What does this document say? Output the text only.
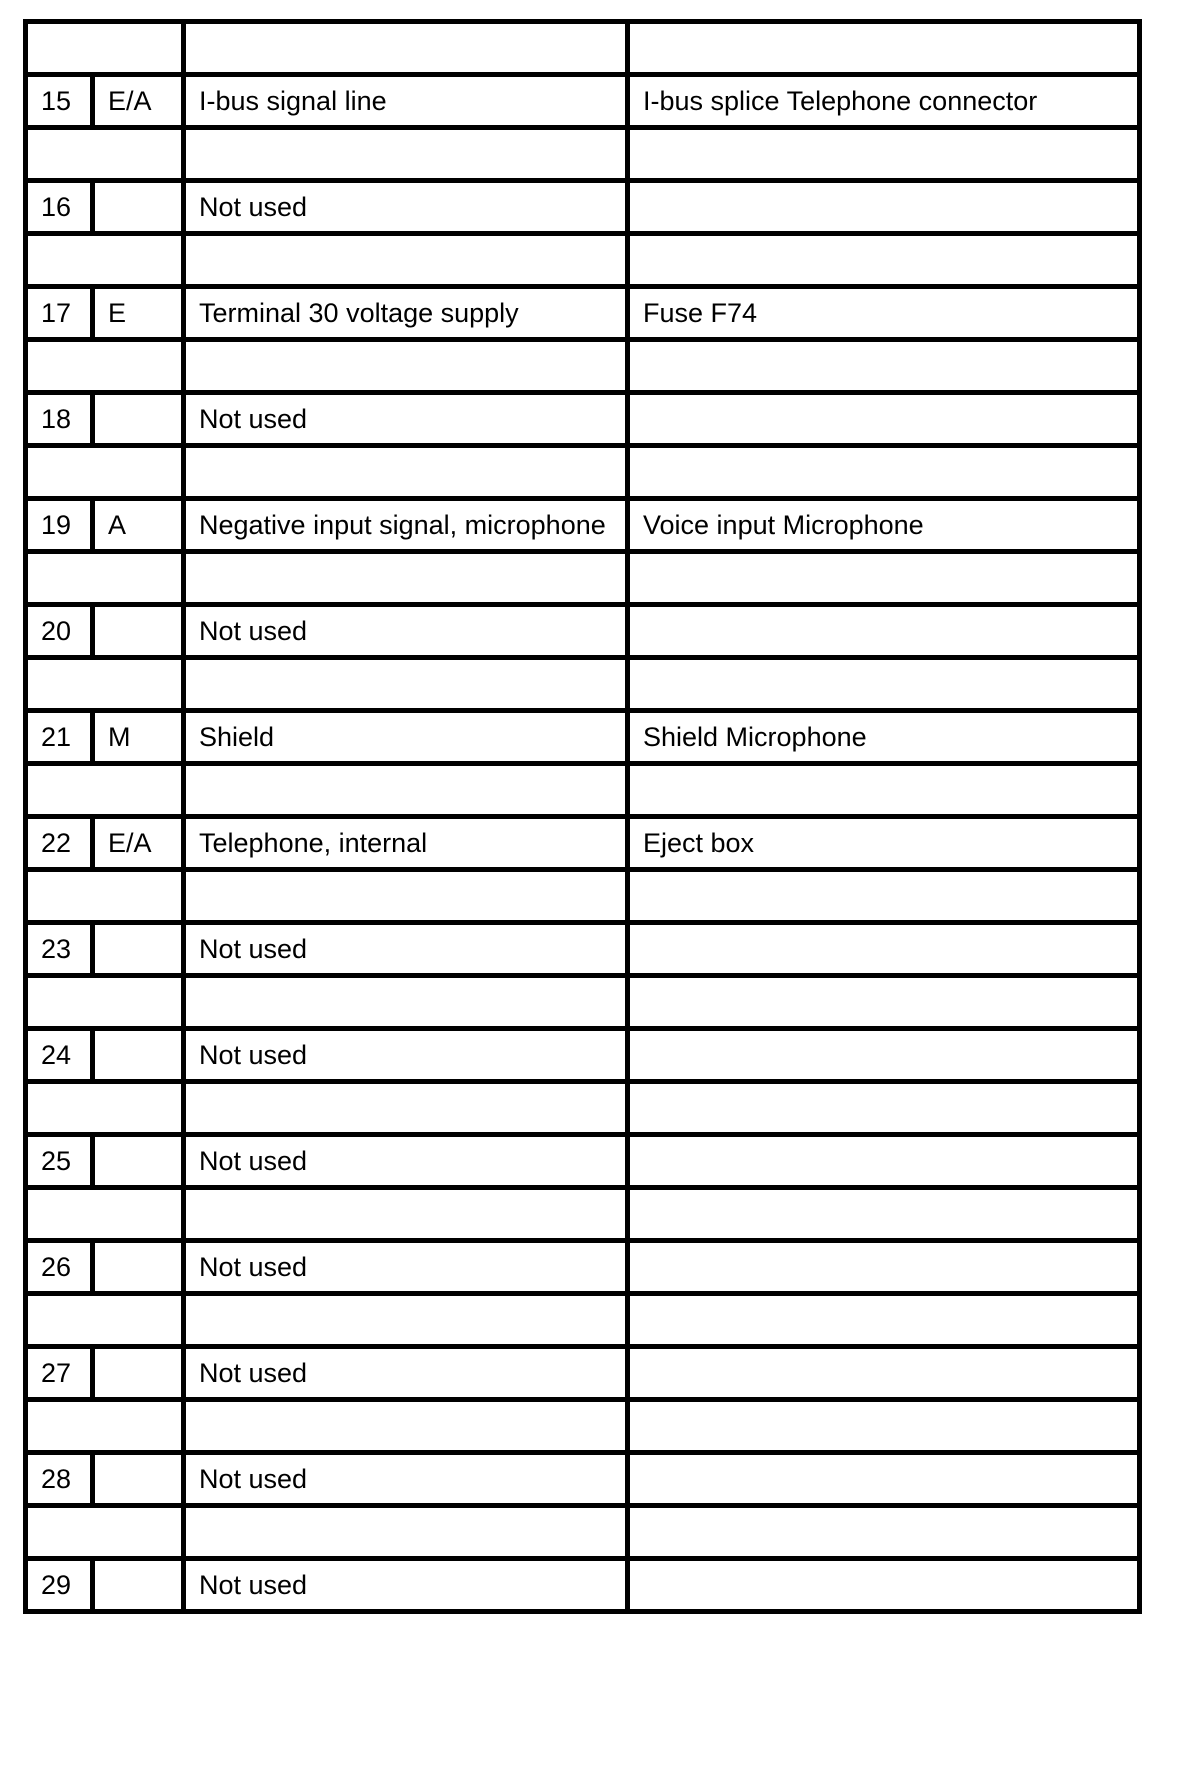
15	E/A	I-bus signal line	I-bus splice Telephone connector

16		Not used	

17	E	Terminal 30 voltage supply	Fuse F74

18		Not used	

19	A	Negative input signal, microphone	Voice input Microphone

20		Not used	

21	M	Shield	Shield Microphone

22	E/A	Telephone, internal	Eject box

23		Not used	

24		Not used	

25		Not used	

26		Not used	

27		Not used	

28		Not used	

29		Not used	
